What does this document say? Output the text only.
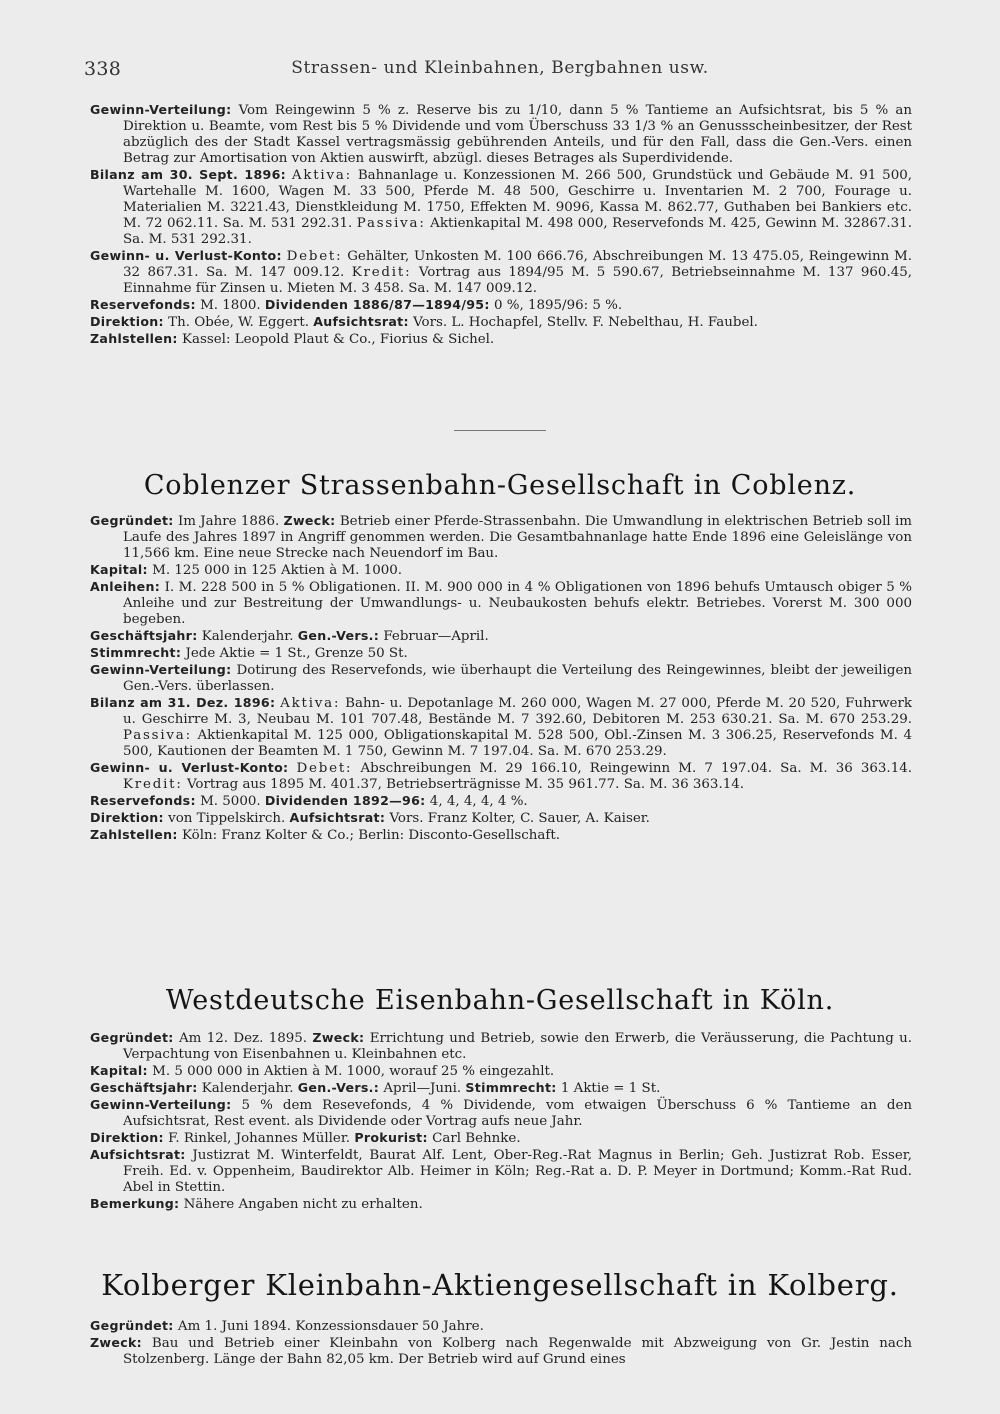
338	Strassen- und Kleinbahnen, Bergbahnen usw.

Gewinn-Verteilung: Vom Reingewinn 5 % z. Reserve bis zu 1/10, dann 5 % Tantieme an Aufsichtsrat, bis 5 % an Direktion u. Beamte, vom Rest bis 5 % Dividende und vom Überschuss 33 1/3 % an Genussscheinbesitzer, der Rest abzüglich des der Stadt Kassel vertragsmässig gebührenden Anteils, und für den Fall, dass die Gen.-Vers. einen Betrag zur Amortisation von Aktien auswirft, abzügl. dieses Betrages als Superdividende.

Bilanz am 30. Sept. 1896: Aktiva: Bahnanlage u. Konzessionen M. 266 500, Grundstück und Gebäude M. 91 500, Wartehalle M. 1600, Wagen M. 33 500, Pferde M. 48 500, Geschirre u. Inventarien M. 2 700, Fourage u. Materialien M. 3221.43, Dienstkleidung M. 1750, Effekten M. 9096, Kassa M. 862.77, Guthaben bei Bankiers etc. M. 72 062.11. Sa. M. 531 292.31. Passiva: Aktienkapital M. 498 000, Reservefonds M. 425, Gewinn M. 32867.31. Sa. M. 531 292.31.

Gewinn- u. Verlust-Konto: Debet: Gehälter, Unkosten M. 100 666.76, Abschreibungen M. 13 475.05, Reingewinn M. 32 867.31. Sa. M. 147 009.12. Kredit: Vortrag aus 1894/95 M. 5 590.67, Betriebseinnahme M. 137 960.45, Einnahme für Zinsen u. Mieten M. 3 458. Sa. M. 147 009.12.

Reservefonds: M. 1800. Dividenden 1886/87—1894/95: 0 %, 1895/96: 5 %.

Direktion: Th. Obée, W. Eggert. Aufsichtsrat: Vors. L. Hochapfel, Stellv. F. Nebelthau, H. Faubel.

Zahlstellen: Kassel: Leopold Plaut & Co., Fiorius & Sichel.

Coblenzer Strassenbahn-Gesellschaft in Coblenz.

Gegründet: Im Jahre 1886. Zweck: Betrieb einer Pferde-Strassenbahn. Die Umwandlung in elektrischen Betrieb soll im Laufe des Jahres 1897 in Angriff genommen werden. Die Gesamtbahnanlage hatte Ende 1896 eine Geleislänge von 11,566 km. Eine neue Strecke nach Neuendorf im Bau.

Kapital: M. 125 000 in 125 Aktien à M. 1000.

Anleihen: I. M. 228 500 in 5 % Obligationen. II. M. 900 000 in 4 % Obligationen von 1896 behufs Umtausch obiger 5 % Anleihe und zur Bestreitung der Umwandlungs- u. Neubaukosten behufs elektr. Betriebes. Vorerst M. 300 000 begeben.

Geschäftsjahr: Kalenderjahr. Gen.-Vers.: Februar—April.

Stimmrecht: Jede Aktie = 1 St., Grenze 50 St.

Gewinn-Verteilung: Dotirung des Reservefonds, wie überhaupt die Verteilung des Reingewinnes, bleibt der jeweiligen Gen.-Vers. überlassen.

Bilanz am 31. Dez. 1896: Aktiva: Bahn- u. Depotanlage M. 260 000, Wagen M. 27 000, Pferde M. 20 520, Fuhrwerk u. Geschirre M. 3, Neubau M. 101 707.48, Bestände M. 7 392.60, Debitoren M. 253 630.21. Sa. M. 670 253.29. Passiva: Aktienkapital M. 125 000, Obligationskapital M. 528 500, Obl.-Zinsen M. 3 306.25, Reservefonds M. 4 500, Kautionen der Beamten M. 1 750, Gewinn M. 7 197.04. Sa. M. 670 253.29.

Gewinn- u. Verlust-Konto: Debet: Abschreibungen M. 29 166.10, Reingewinn M. 7 197.04. Sa. M. 36 363.14. Kredit: Vortrag aus 1895 M. 401.37, Betriebserträgnisse M. 35 961.77. Sa. M. 36 363.14.

Reservefonds: M. 5000. Dividenden 1892—96: 4, 4, 4, 4, 4 %.

Direktion: von Tippelskirch. Aufsichtsrat: Vors. Franz Kolter, C. Sauer, A. Kaiser.

Zahlstellen: Köln: Franz Kolter & Co.; Berlin: Disconto-Gesellschaft.

Westdeutsche Eisenbahn-Gesellschaft in Köln.

Gegründet: Am 12. Dez. 1895. Zweck: Errichtung und Betrieb, sowie den Erwerb, die Veräusserung, die Pachtung u. Verpachtung von Eisenbahnen u. Kleinbahnen etc.

Kapital: M. 5 000 000 in Aktien à M. 1000, worauf 25 % eingezahlt.

Geschäftsjahr: Kalenderjahr. Gen.-Vers.: April—Juni. Stimmrecht: 1 Aktie = 1 St.

Gewinn-Verteilung: 5 % dem Resevefonds, 4 % Dividende, vom etwaigen Überschuss 6 % Tantieme an den Aufsichtsrat, Rest event. als Dividende oder Vortrag aufs neue Jahr.

Direktion: F. Rinkel, Johannes Müller. Prokurist: Carl Behnke.

Aufsichtsrat: Justizrat M. Winterfeldt, Baurat Alf. Lent, Ober-Reg.-Rat Magnus in Berlin; Geh. Justizrat Rob. Esser, Freih. Ed. v. Oppenheim, Baudirektor Alb. Heimer in Köln; Reg.-Rat a. D. P. Meyer in Dortmund; Komm.-Rat Rud. Abel in Stettin.

Bemerkung: Nähere Angaben nicht zu erhalten.

Kolberger Kleinbahn-Aktiengesellschaft in Kolberg.

Gegründet: Am 1. Juni 1894. Konzessionsdauer 50 Jahre.

Zweck: Bau und Betrieb einer Kleinbahn von Kolberg nach Regenwalde mit Abzweigung von Gr. Jestin nach Stolzenberg. Länge der Bahn 82,05 km. Der Betrieb wird auf Grund eines
